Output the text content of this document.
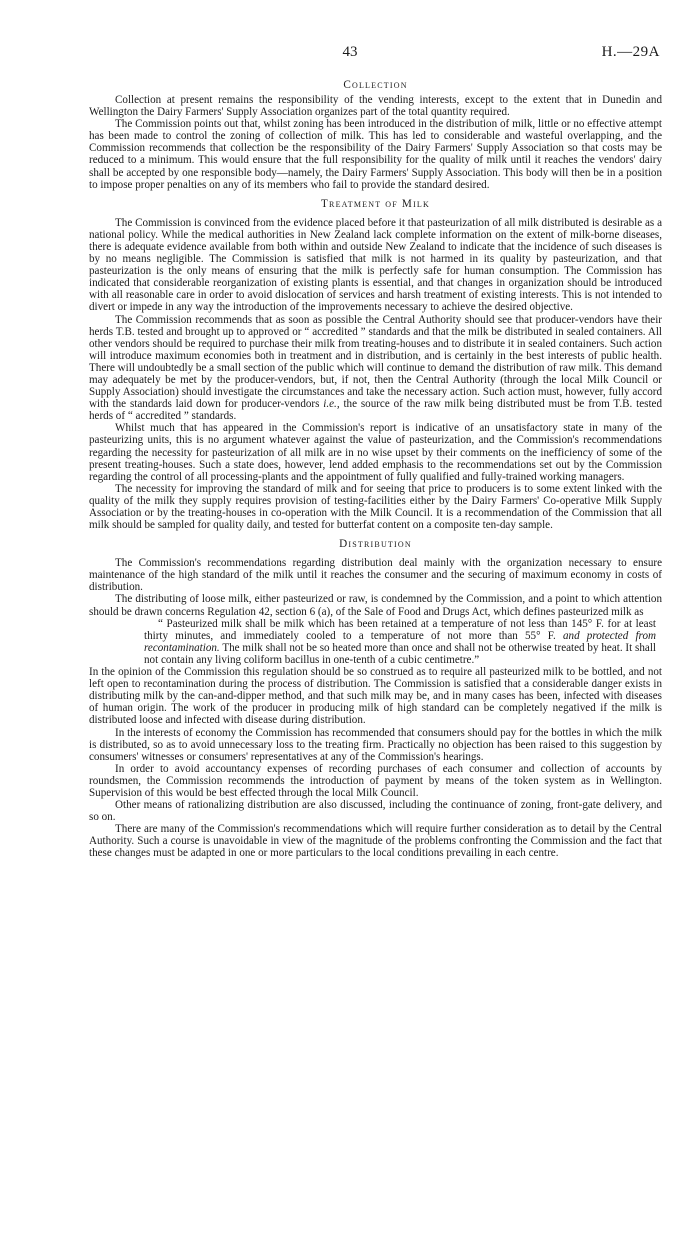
43	H.—29A
Collection

Collection at present remains the responsibility of the vending interests, except to the extent that in Dunedin and Wellington the Dairy Farmers' Supply Association organizes part of the total quantity required.

The Commission points out that, whilst zoning has been introduced in the distribution of milk, little or no effective attempt has been made to control the zoning of collection of milk. This has led to considerable and wasteful overlapping, and the Commission recommends that collection be the responsibility of the Dairy Farmers' Supply Association so that costs may be reduced to a minimum. This would ensure that the full responsibility for the quality of milk until it reaches the vendors' dairy shall be accepted by one responsible body—namely, the Dairy Farmers' Supply Association. This body will then be in a position to impose proper penalties on any of its members who fail to provide the standard desired.

Treatment of Milk

The Commission is convinced from the evidence placed before it that pasteurization of all milk distributed is desirable as a national policy. While the medical authorities in New Zealand lack complete information on the extent of milk-borne diseases, there is adequate evidence available from both within and outside New Zealand to indicate that the incidence of such diseases is by no means negligible. The Commission is satisfied that milk is not harmed in its quality by pasteurization, and that pasteurization is the only means of ensuring that the milk is perfectly safe for human consumption. The Commission has indicated that considerable reorganization of existing plants is essential, and that changes in organization should be introduced with all reasonable care in order to avoid dislocation of services and harsh treatment of existing interests. This is not intended to divert or impede in any way the introduction of the improvements necessary to achieve the desired objective.

The Commission recommends that as soon as possible the Central Authority should see that producer-vendors have their herds T.B. tested and brought up to approved or “ accredited ” standards and that the milk be distributed in sealed containers. All other vendors should be required to purchase their milk from treating-houses and to distribute it in sealed containers. Such action will introduce maximum economies both in treatment and in distribution, and is certainly in the best interests of public health. There will undoubtedly be a small section of the public which will continue to demand the distribution of raw milk. This demand may adequately be met by the producer-vendors, but, if not, then the Central Authority (through the local Milk Council or Supply Association) should investigate the circumstances and take the necessary action. Such action must, however, fully accord with the standards laid down for producer-vendors i.e., the source of the raw milk being distributed must be from T.B. tested herds of “ accredited ” standards.

Whilst much that has appeared in the Commission's report is indicative of an unsatisfactory state in many of the pasteurizing units, this is no argument whatever against the value of pasteurization, and the Commission's recommendations regarding the necessity for pasteurization of all milk are in no wise upset by their comments on the inefficiency of some of the present treating-houses. Such a state does, however, lend added emphasis to the recommendations set out by the Commission regarding the control of all processing-plants and the appointment of fully qualified and fully-trained working managers.

The necessity for improving the standard of milk and for seeing that price to producers is to some extent linked with the quality of the milk they supply requires provision of testing-facilities either by the Dairy Farmers' Co-operative Milk Supply Association or by the treating-houses in co-operation with the Milk Council. It is a recommendation of the Commission that all milk should be sampled for quality daily, and tested for butterfat content on a composite ten-day sample.

Distribution

The Commission's recommendations regarding distribution deal mainly with the organization necessary to ensure maintenance of the high standard of the milk until it reaches the consumer and the securing of maximum economy in costs of distribution.

The distributing of loose milk, either pasteurized or raw, is condemned by the Commission, and a point to which attention should be drawn concerns Regulation 42, section 6 (a), of the Sale of Food and Drugs Act, which defines pasteurized milk as

“ Pasteurized milk shall be milk which has been retained at a temperature of not less than 145° F. for at least thirty minutes, and immediately cooled to a temperature of not more than 55° F. and protected from recontamination. The milk shall not be so heated more than once and shall not be otherwise treated by heat. It shall not contain any living coliform bacillus in one-tenth of a cubic centimetre.”

In the opinion of the Commission this regulation should be so construed as to require all pasteurized milk to be bottled, and not left open to recontamination during the process of distribution. The Commission is satisfied that a considerable danger exists in distributing milk by the can-and-dipper method, and that such milk may be, and in many cases has been, infected with diseases of human origin. The work of the producer in producing milk of high standard can be completely negatived if the milk is distributed loose and infected with disease during distribution.

In the interests of economy the Commission has recommended that consumers should pay for the bottles in which the milk is distributed, so as to avoid unnecessary loss to the treating firm. Practically no objection has been raised to this suggestion by consumers' witnesses or consumers' representatives at any of the Commission's hearings.

In order to avoid accountancy expenses of recording purchases of each consumer and collection of accounts by roundsmen, the Commission recommends the introduction of payment by means of the token system as in Wellington. Supervision of this would be best effected through the local Milk Council.

Other means of rationalizing distribution are also discussed, including the continuance of zoning, front-gate delivery, and so on.

There are many of the Commission's recommendations which will require further consideration as to detail by the Central Authority. Such a course is unavoidable in view of the magnitude of the problems confronting the Commission and the fact that these changes must be adapted in one or more particulars to the local conditions prevailing in each centre.
